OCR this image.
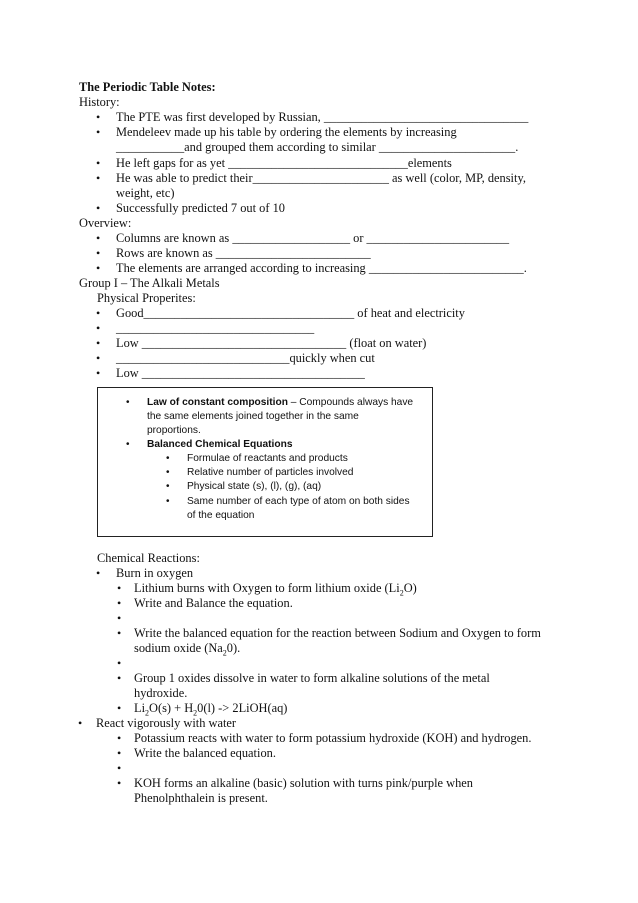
The Periodic Table Notes:
History:
• The PTE was first developed by Russian, _________________________________
• Mendeleev made up his table by ordering the elements by increasing
___________and grouped them according to similar ______________________.
• He left gaps for as yet _____________________________elements
• He was able to predict their______________________ as well (color, MP, density,
weight, etc)
• Successfully predicted 7 out of 10
Overview:
• Columns are known as ___________________ or _______________________
• Rows are known as _________________________
• The elements are arranged according to increasing _________________________.
Group I – The Alkali Metals
Physical Properites:
• Good__________________________________ of heat and electricity
• ________________________________
• Low _________________________________ (float on water)
• ____________________________quickly when cut
• Low ____________________________________
• Law of constant composition – Compounds always have
the same elements joined together in the same
proportions.
• Balanced Chemical Equations
• Formulae of reactants and products
• Relative number of particles involved
• Physical state (s), (l), (g), (aq)
• Same number of each type of atom on both sides
of the equation
Chemical Reactions:
• Burn in oxygen
• Lithium burns with Oxygen to form lithium oxide $(Li_2O)$
• Write and Balance the equation.
•
• Write the balanced equation for the reaction between Sodium and Oxygen to form
sodium oxide $(Na_20)$.
•
• Group 1 oxides dissolve in water to form alkaline solutions of the metal
hydroxide.
• $Li_2O(s) + H_20(l)$ -> 2LiOH(aq)
• React vigorously with water
• Potassium reacts with water to form potassium hydroxide (KOH) and hydrogen.
• Write the balanced equation.
•
• KOH forms an alkaline (basic) solution with turns pink/purple when
Phenolphthalein is present.
